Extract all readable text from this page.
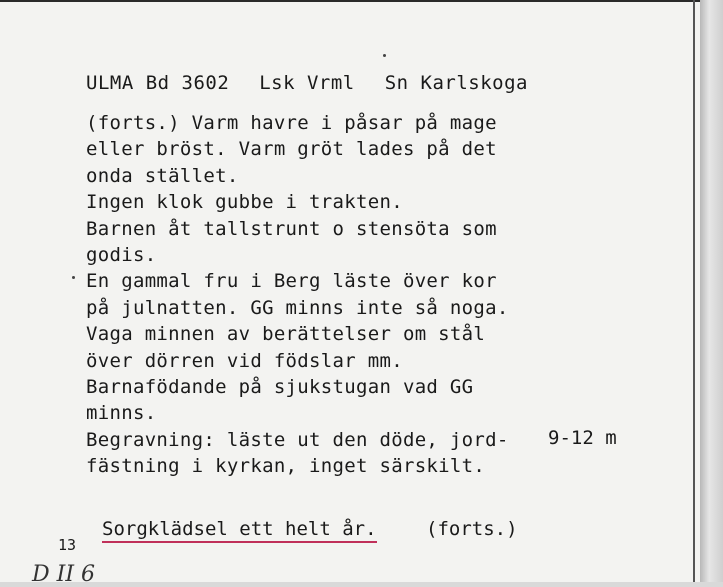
ULMA Bd 3602 Lsk Vrml Sn Karlskoga
(forts.) Varm havre i påsar på mage
eller bröst. Varm gröt lades på det
onda stället.
Ingen klok gubbe i trakten.
Barnen åt tallstrunt o stensöta som
godis.
En gammal fru i Berg läste över kor
på julnatten. GG minns inte så noga.
Vaga minnen av berättelser om stål
över dörren vid födslar mm.
Barnafödande på sjukstugan vad GG
minns.
Begravning: läste ut den döde, jord-
fästning i kyrkan, inget särskilt.
9-12 m
Sorgklädsel ett helt år.	(forts.)
13
D II 6
